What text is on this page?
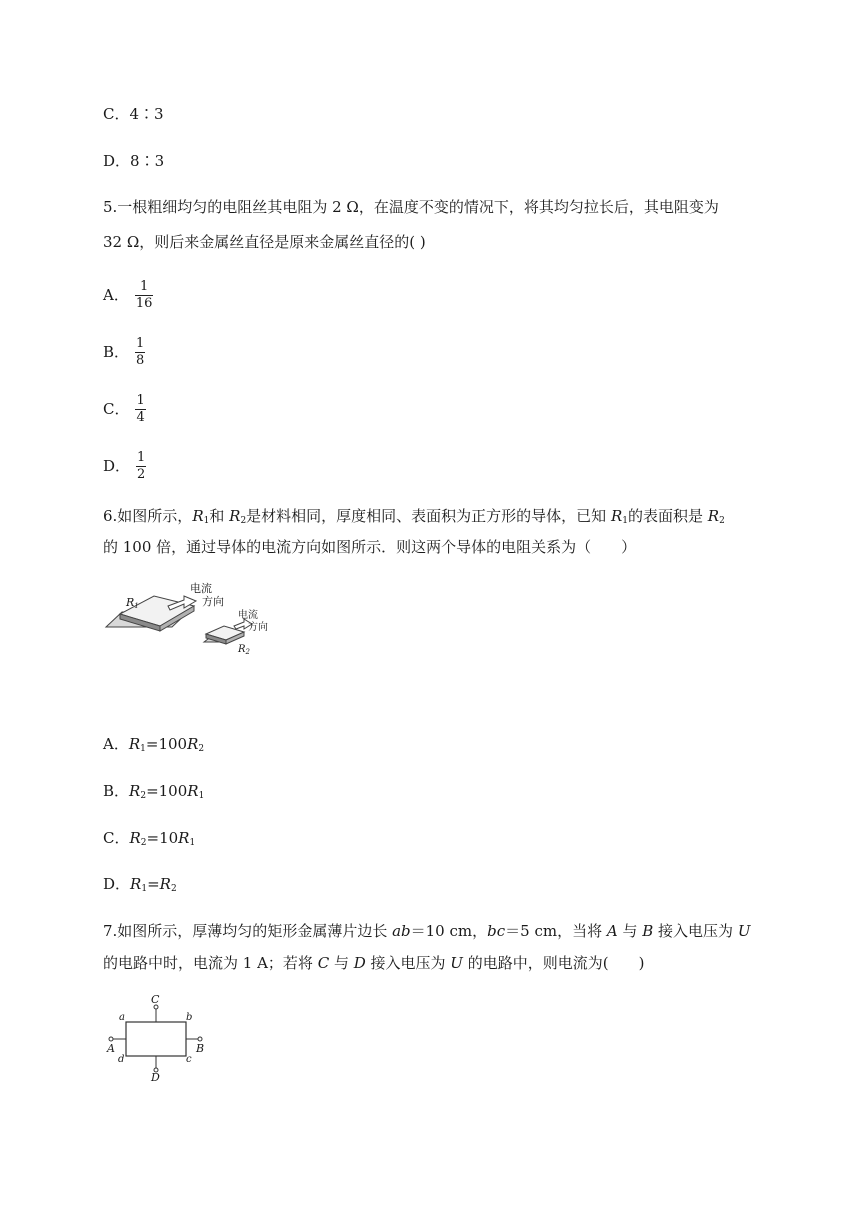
C．4∶3
D．8∶3
5.一根粗细均匀的电阻丝其电阻为 2 Ω，在温度不变的情况下，将其均匀拉长后，其电阻变为
32 Ω，则后来金属丝直径是原来金属丝直径的( )
A． $\frac{1}{16}$
B． $\frac{1}{8}$
C． $\frac{1}{4}$
D． $\frac{1}{2}$
6.如图所示，$R_1$和 $R_2$是材料相同，厚度相同、表面积为正方形的导体，已知 $R_1$的表面积是 $R_2$
的 100 倍，通过导体的电流方向如图所示．则这两个导体的电阻关系为（　　）
$R_1$
电流
方向
电流
方向
$R_2$
A．$R_1=100R_2$
B．$R_2=100R_1$
C．$R_2=10R_1$
D．$R_1=R_2$
7.如图所示，厚薄均匀的矩形金属薄片边长 ab＝10 cm，bc＝5 cm，当将 A 与 B 接入电压为 U
的电路中时，电流为 1 A；若将 C 与 D 接入电压为 U 的电路中，则电流为(　　)
C
D
A	B
a	b
c
d
